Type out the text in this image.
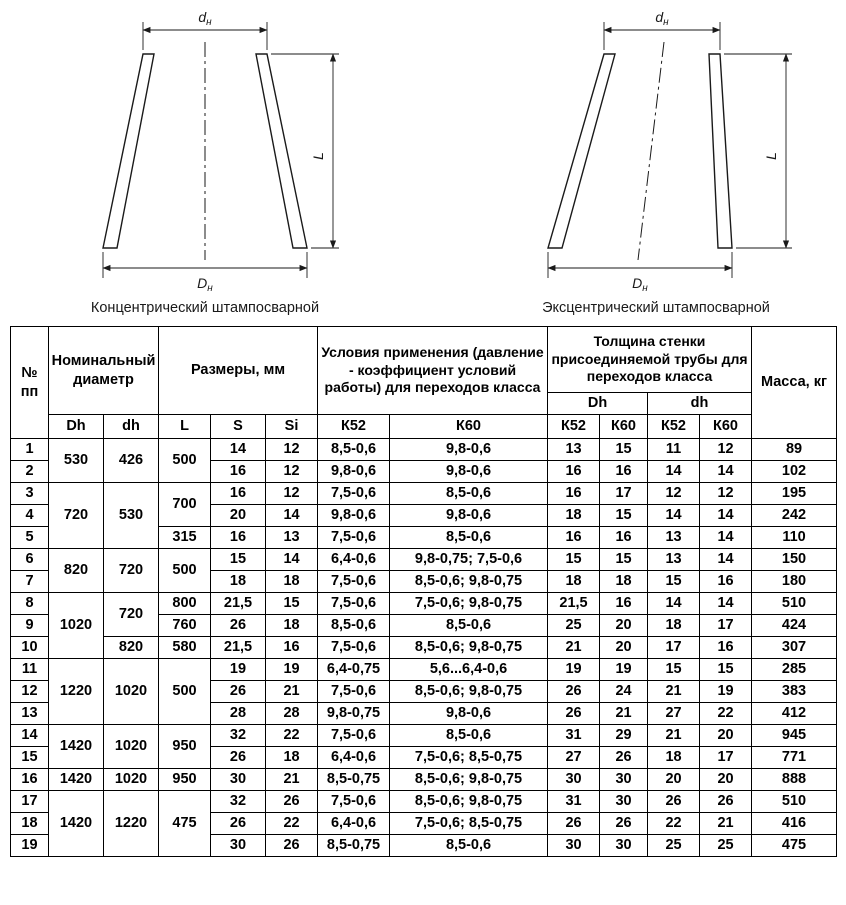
$d_н$
$D_н$
L
Концентрический штампосварной
$d_н$
$D_н$
L
Эксцентрический штампосварной
№ пп	Номинальный диаметр		Размеры, мм			Условия применения (давление - коэффициент условий работы) для переходов класса		Толщина стенки присоединяемой трубы для переходов класса				Масса, кг
								Dh		dh		
	Dh	dh	L	S	Si	К52	К60	К52	К60	К52	К60	
1	530	426	500	14	12	8,5-0,6	9,8-0,6	13	15	11	12	89
2				16	12	9,8-0,6	9,8-0,6	16	16	14	14	102
3	720	530	700	16	12	7,5-0,6	8,5-0,6	16	17	12	12	195
4				20	14	9,8-0,6	9,8-0,6	18	15	14	14	242
5			315	16	13	7,5-0,6	8,5-0,6	16	16	13	14	110
6	820	720	500	15	14	6,4-0,6	9,8-0,75; 7,5-0,6	15	15	13	14	150
7				18	18	7,5-0,6	8,5-0,6; 9,8-0,75	18	18	15	16	180
8	1020	720	800	21,5	15	7,5-0,6	7,5-0,6; 9,8-0,75	21,5	16	14	14	510
9			760	26	18	8,5-0,6	8,5-0,6	25	20	18	17	424
10		820	580	21,5	16	7,5-0,6	8,5-0,6; 9,8-0,75	21	20	17	16	307
11	1220	1020	500	19	19	6,4-0,75	5,6...6,4-0,6	19	19	15	15	285
12				26	21	7,5-0,6	8,5-0,6; 9,8-0,75	26	24	21	19	383
13				28	28	9,8-0,75	9,8-0,6	26	21	27	22	412
14	1420	1020	950	32	22	7,5-0,6	8,5-0,6	31	29	21	20	945
15				26	18	6,4-0,6	7,5-0,6; 8,5-0,75	27	26	18	17	771
16	1420	1020	950	30	21	8,5-0,75	8,5-0,6; 9,8-0,75	30	30	20	20	888
17	1420	1220	475	32	26	7,5-0,6	8,5-0,6; 9,8-0,75	31	30	26	26	510
18				26	22	6,4-0,6	7,5-0,6; 8,5-0,75	26	26	22	21	416
19				30	26	8,5-0,75	8,5-0,6	30	30	25	25	475
